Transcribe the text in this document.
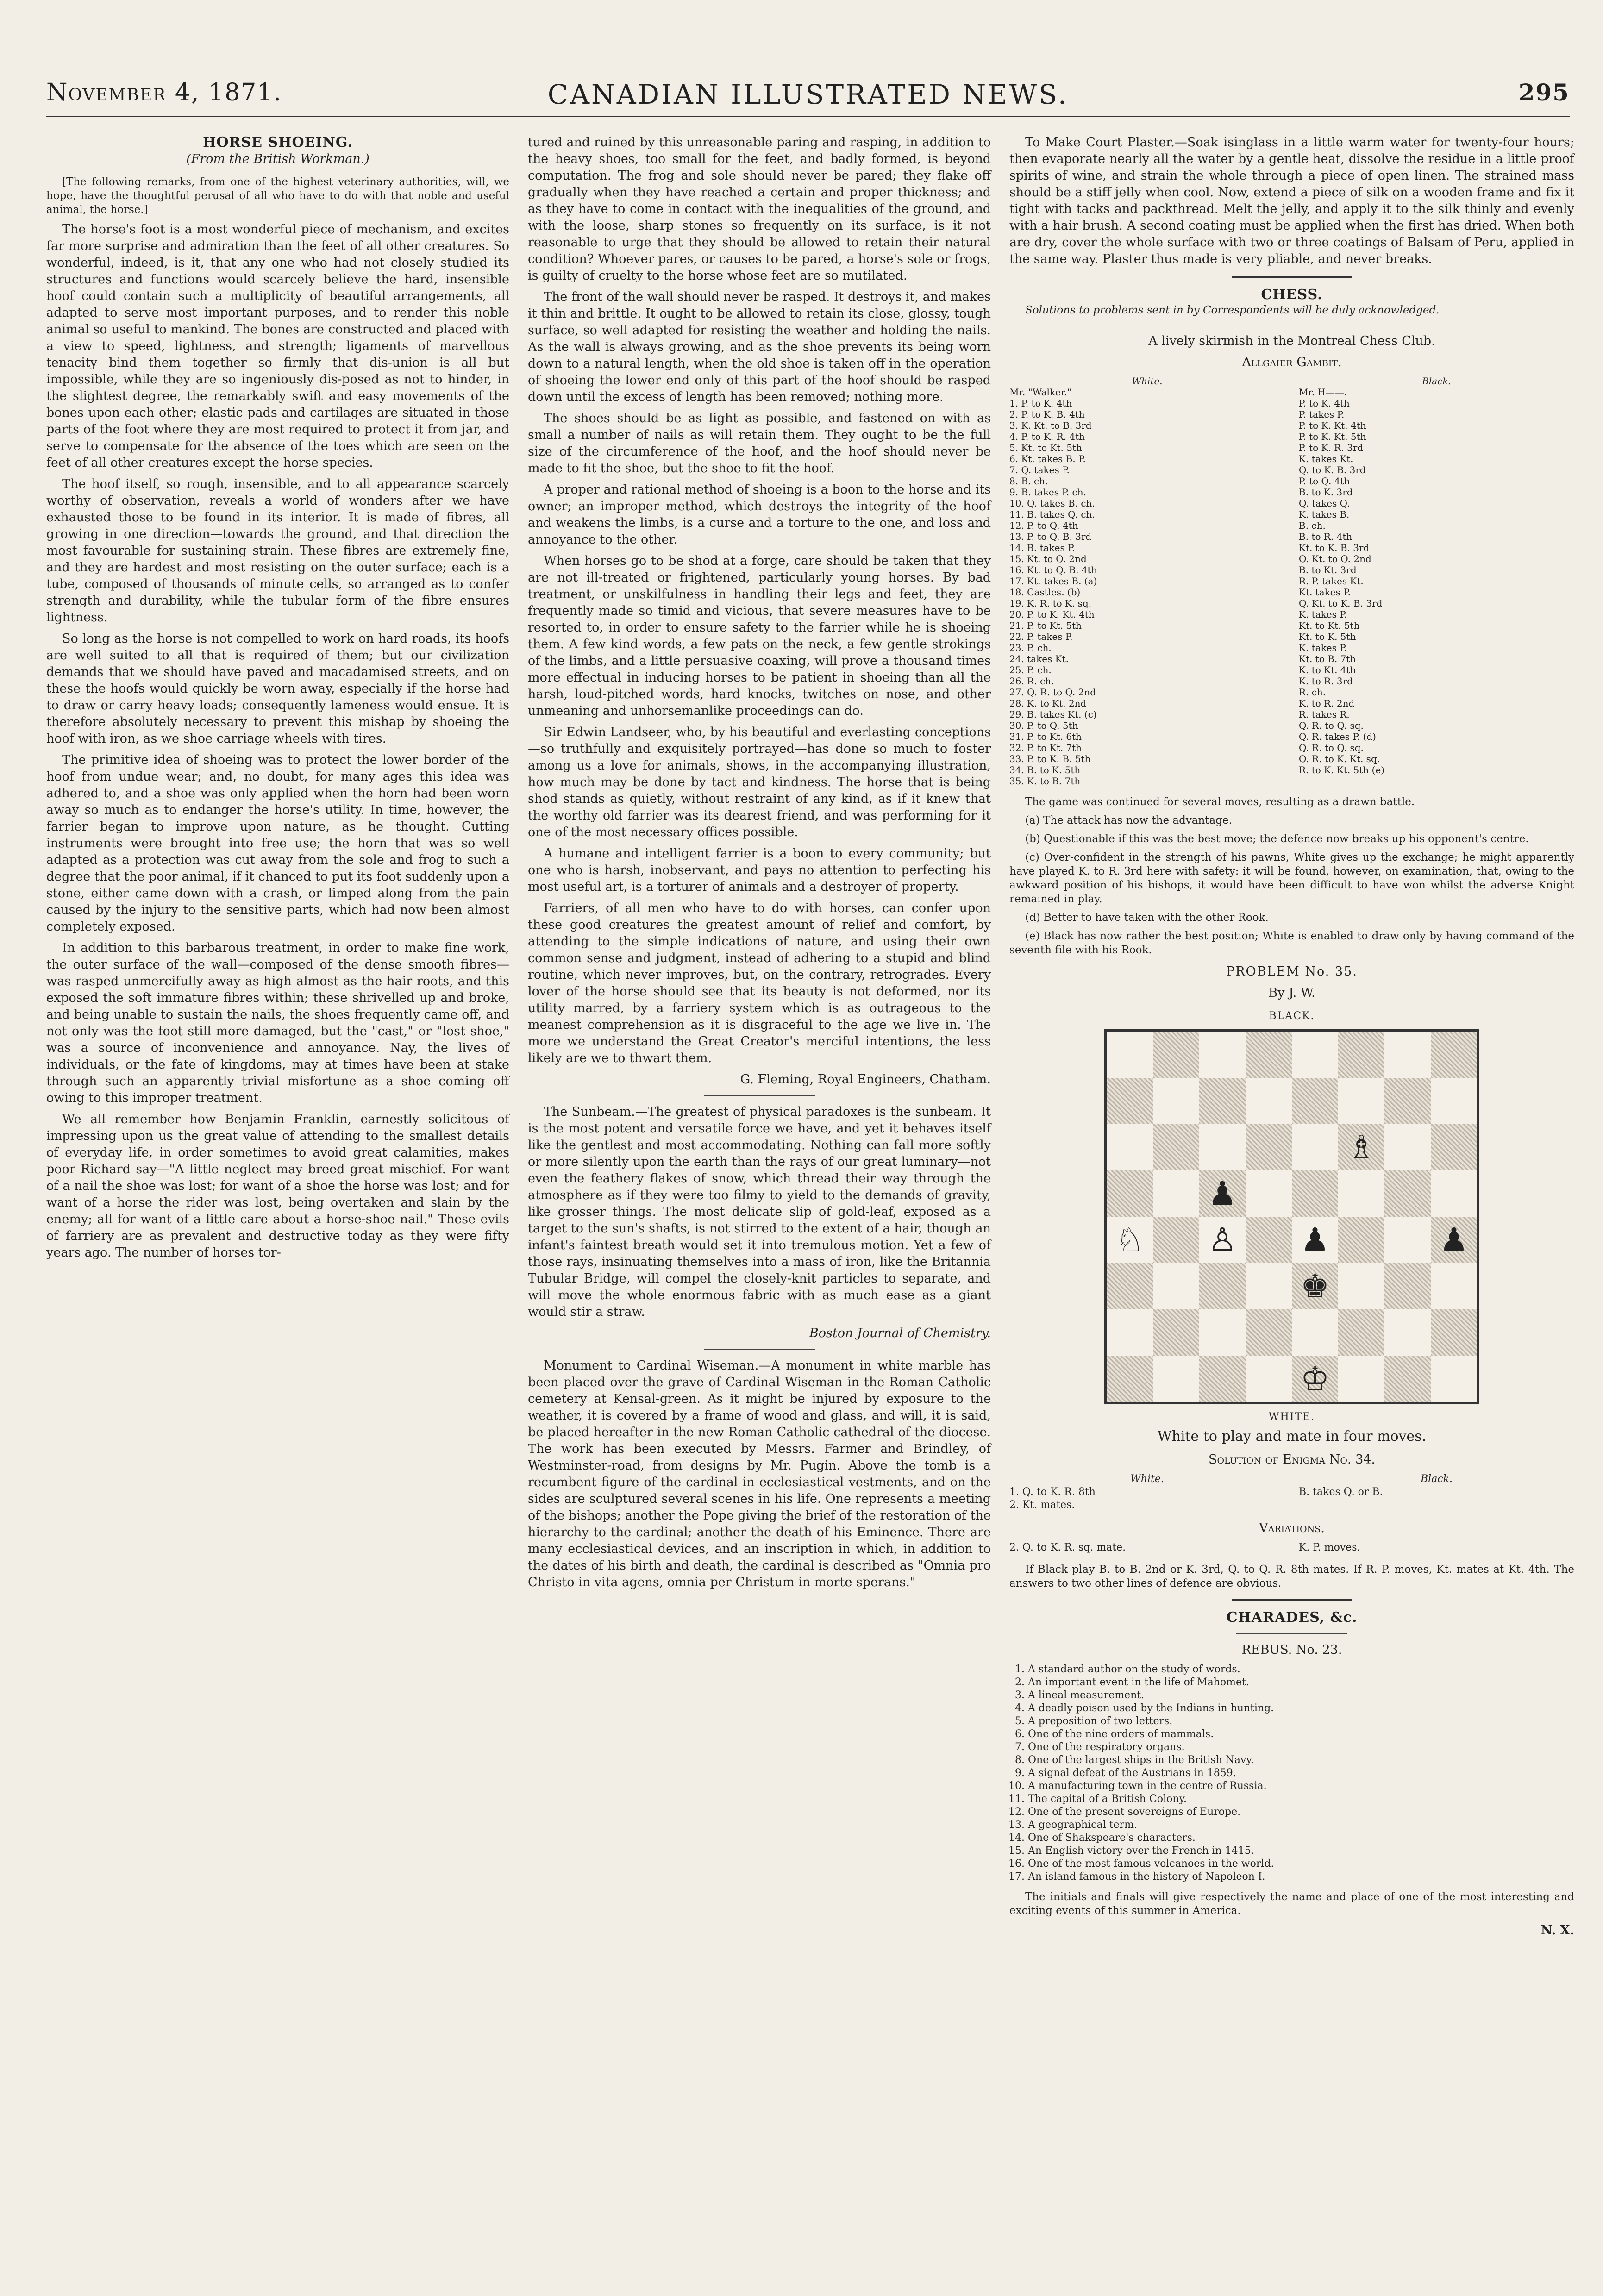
November 4, 1871.	CANADIAN ILLUSTRATED NEWS.	295
HORSE SHOEING.
(From the British Workman.)

[The following remarks, from one of the highest veterinary authorities, will, we hope, have the thoughtful perusal of all who have to do with that noble and useful animal, the horse.]

The horse's foot is a most wonderful piece of mechanism, and excites far more surprise and admiration than the feet of all other creatures. So wonderful, indeed, is it, that any one who had not closely studied its structures and functions would scarcely believe the hard, insensible hoof could contain such a multiplicity of beautiful arrangements, all adapted to serve most important purposes, and to render this noble animal so useful to mankind. The bones are constructed and placed with a view to speed, lightness, and strength; ligaments of marvellous tenacity bind them together so firmly that dis-union is all but impossible, while they are so ingeniously dis-posed as not to hinder, in the slightest degree, the remarkably swift and easy movements of the bones upon each other; elastic pads and cartilages are situated in those parts of the foot where they are most required to protect it from jar, and serve to compensate for the absence of the toes which are seen on the feet of all other creatures except the horse species.

The hoof itself, so rough, insensible, and to all appearance scarcely worthy of observation, reveals a world of wonders after we have exhausted those to be found in its interior. It is made of fibres, all growing in one direction—towards the ground, and that direction the most favourable for sustaining strain. These fibres are extremely fine, and they are hardest and most resisting on the outer surface; each is a tube, composed of thousands of minute cells, so arranged as to confer strength and durability, while the tubular form of the fibre ensures lightness.

So long as the horse is not compelled to work on hard roads, its hoofs are well suited to all that is required of them; but our civilization demands that we should have paved and macadamised streets, and on these the hoofs would quickly be worn away, especially if the horse had to draw or carry heavy loads; consequently lameness would ensue. It is therefore absolutely necessary to prevent this mishap by shoeing the hoof with iron, as we shoe carriage wheels with tires.

The primitive idea of shoeing was to protect the lower border of the hoof from undue wear; and, no doubt, for many ages this idea was adhered to, and a shoe was only applied when the horn had been worn away so much as to endanger the horse's utility. In time, however, the farrier began to improve upon nature, as he thought. Cutting instruments were brought into free use; the horn that was so well adapted as a protection was cut away from the sole and frog to such a degree that the poor animal, if it chanced to put its foot suddenly upon a stone, either came down with a crash, or limped along from the pain caused by the injury to the sensitive parts, which had now been almost completely exposed.

In addition to this barbarous treatment, in order to make fine work, the outer surface of the wall—composed of the dense smooth fibres—was rasped unmercifully away as high almost as the hair roots, and this exposed the soft immature fibres within; these shrivelled up and broke, and being unable to sustain the nails, the shoes frequently came off, and not only was the foot still more damaged, but the "cast," or "lost shoe," was a source of inconvenience and annoyance. Nay, the lives of individuals, or the fate of kingdoms, may at times have been at stake through such an apparently trivial misfortune as a shoe coming off owing to this improper treatment.

We all remember how Benjamin Franklin, earnestly solicitous of impressing upon us the great value of attending to the smallest details of everyday life, in order sometimes to avoid great calamities, makes poor Richard say—"A little neglect may breed great mischief. For want of a nail the shoe was lost; for want of a shoe the horse was lost; and for want of a horse the rider was lost, being overtaken and slain by the enemy; all for want of a little care about a horse-shoe nail." These evils of farriery are as prevalent and destructive today as they were fifty years ago. The number of horses tor-

tured and ruined by this unreasonable paring and rasping, in addition to the heavy shoes, too small for the feet, and badly formed, is beyond computation. The frog and sole should never be pared; they flake off gradually when they have reached a certain and proper thickness; and as they have to come in contact with the inequalities of the ground, and with the loose, sharp stones so frequently on its surface, is it not reasonable to urge that they should be allowed to retain their natural condition? Whoever pares, or causes to be pared, a horse's sole or frogs, is guilty of cruelty to the horse whose feet are so mutilated.

The front of the wall should never be rasped. It destroys it, and makes it thin and brittle. It ought to be allowed to retain its close, glossy, tough surface, so well adapted for resisting the weather and holding the nails. As the wall is always growing, and as the shoe prevents its being worn down to a natural length, when the old shoe is taken off in the operation of shoeing the lower end only of this part of the hoof should be rasped down until the excess of length has been removed; nothing more.

The shoes should be as light as possible, and fastened on with as small a number of nails as will retain them. They ought to be the full size of the circumference of the hoof, and the hoof should never be made to fit the shoe, but the shoe to fit the hoof.

A proper and rational method of shoeing is a boon to the horse and its owner; an improper method, which destroys the integrity of the hoof and weakens the limbs, is a curse and a torture to the one, and loss and annoyance to the other.

When horses go to be shod at a forge, care should be taken that they are not ill-treated or frightened, particularly young horses. By bad treatment, or unskilfulness in handling their legs and feet, they are frequently made so timid and vicious, that severe measures have to be resorted to, in order to ensure safety to the farrier while he is shoeing them. A few kind words, a few pats on the neck, a few gentle strokings of the limbs, and a little persuasive coaxing, will prove a thousand times more effectual in inducing horses to be patient in shoeing than all the harsh, loud-pitched words, hard knocks, twitches on nose, and other unmeaning and unhorsemanlike proceedings can do.

Sir Edwin Landseer, who, by his beautiful and everlasting conceptions—so truthfully and exquisitely portrayed—has done so much to foster among us a love for animals, shows, in the accompanying illustration, how much may be done by tact and kindness. The horse that is being shod stands as quietly, without restraint of any kind, as if it knew that the worthy old farrier was its dearest friend, and was performing for it one of the most necessary offices possible.

A humane and intelligent farrier is a boon to every community; but one who is harsh, inobservant, and pays no attention to perfecting his most useful art, is a torturer of animals and a destroyer of property.

Farriers, of all men who have to do with horses, can confer upon these good creatures the greatest amount of relief and comfort, by attending to the simple indications of nature, and using their own common sense and judgment, instead of adhering to a stupid and blind routine, which never improves, but, on the contrary, retrogrades. Every lover of the horse should see that its beauty is not deformed, nor its utility marred, by a farriery system which is as outrageous to the meanest comprehension as it is disgraceful to the age we live in. The more we understand the Great Creator's merciful intentions, the less likely are we to thwart them.

G. Fleming, Royal Engineers, Chatham.

The Sunbeam.—The greatest of physical paradoxes is the sunbeam. It is the most potent and versatile force we have, and yet it behaves itself like the gentlest and most accommodating. Nothing can fall more softly or more silently upon the earth than the rays of our great luminary—not even the feathery flakes of snow, which thread their way through the atmosphere as if they were too filmy to yield to the demands of gravity, like grosser things. The most delicate slip of gold-leaf, exposed as a target to the sun's shafts, is not stirred to the extent of a hair, though an infant's faintest breath would set it into tremulous motion. Yet a few of those rays, insinuating themselves into a mass of iron, like the Britannia Tubular Bridge, will compel the closely-knit particles to separate, and will move the whole enormous fabric with as much ease as a giant would stir a straw.

Boston Journal of Chemistry.

Monument to Cardinal Wiseman.—A monument in white marble has been placed over the grave of Cardinal Wiseman in the Roman Catholic cemetery at Kensal-green. As it might be injured by exposure to the weather, it is covered by a frame of wood and glass, and will, it is said, be placed hereafter in the new Roman Catholic cathedral of the diocese. The work has been executed by Messrs. Farmer and Brindley, of Westminster-road, from designs by Mr. Pugin. Above the tomb is a recumbent figure of the cardinal in ecclesiastical vestments, and on the sides are sculptured several scenes in his life. One represents a meeting of the bishops; another the Pope giving the brief of the restoration of the hierarchy to the cardinal; another the death of his Eminence. There are many ecclesiastical devices, and an inscription in which, in addition to the dates of his birth and death, the cardinal is described as "Omnia pro Christo in vita agens, omnia per Christum in morte sperans."

To Make Court Plaster.—Soak isinglass in a little warm water for twenty-four hours; then evaporate nearly all the water by a gentle heat, dissolve the residue in a little proof spirits of wine, and strain the whole through a piece of open linen. The strained mass should be a stiff jelly when cool. Now, extend a piece of silk on a wooden frame and fix it tight with tacks and packthread. Melt the jelly, and apply it to the silk thinly and evenly with a hair brush. A second coating must be applied when the first has dried. When both are dry, cover the whole surface with two or three coatings of Balsam of Peru, applied in the same way. Plaster thus made is very pliable, and never breaks.

CHESS.

Solutions to problems sent in by Correspondents will be duly acknowledged.

A lively skirmish in the Montreal Chess Club.

Allgaier Gambit.

White.	Black.
Mr. "Walker."	Mr. H——.
1. P. to K. 4th	P. to K. 4th
2. P. to K. B. 4th	P. takes P.
3. K. Kt. to B. 3rd	P. to K. Kt. 4th
4. P. to K. R. 4th	P. to K. Kt. 5th
5. Kt. to Kt. 5th	P. to K. R. 3rd
6. Kt. takes B. P.	K. takes Kt.
7. Q. takes P.	Q. to K. B. 3rd
8. B. ch.	P. to Q. 4th
9. B. takes P. ch.	B. to K. 3rd
10. Q. takes B. ch.	Q. takes Q.
11. B. takes Q. ch.	K. takes B.
12. P. to Q. 4th	B. ch.
13. P. to Q. B. 3rd	B. to R. 4th
14. B. takes P.	Kt. to K. B. 3rd
15. Kt. to Q. 2nd	Q. Kt. to Q. 2nd
16. Kt. to Q. B. 4th	B. to Kt. 3rd
17. Kt. takes B. (a)	R. P. takes Kt.
18. Castles. (b)	Kt. takes P.
19. K. R. to K. sq.	Q. Kt. to K. B. 3rd
20. P. to K. Kt. 4th	K. takes P.
21. P. to Kt. 5th	Kt. to Kt. 5th
22. P. takes P.	Kt. to K. 5th
23. P. ch.	K. takes P.
24. takes Kt.	Kt. to B. 7th
25. P. ch.	K. to Kt. 4th
26. R. ch.	K. to R. 3rd
27. Q. R. to Q. 2nd	R. ch.
28. K. to Kt. 2nd	K. to R. 2nd
29. B. takes Kt. (c)	R. takes R.
30. P. to Q. 5th	Q. R. to Q. sq.
31. P. to Kt. 6th	Q. R. takes P. (d)
32. P. to Kt. 7th	Q. R. to Q. sq.
33. P. to K. B. 5th	Q. R. to K. Kt. sq.
34. B. to K. 5th	R. to K. Kt. 5th (e)
35. K. to B. 7th

The game was continued for several moves, resulting as a drawn battle.

(a) The attack has now the advantage.

(b) Questionable if this was the best move; the defence now breaks up his opponent's centre.

(c) Over-confident in the strength of his pawns, White gives up the exchange; he might apparently have played K. to R. 3rd here with safety: it will be found, however, on examination, that, owing to the awkward position of his bishops, it would have been difficult to have won whilst the adverse Knight remained in play.

(d) Better to have taken with the other Rook.

(e) Black has now rather the best position; White is enabled to draw only by having command of the seventh file with his Rook.

PROBLEM No. 35.

By J. W.

BLACK.
♗
♟
♘ ♙ ♟	♟
♚
♔
WHITE.
White to play and mate in four moves.

Solution of Enigma No. 34.

White.	Black.
1. Q. to K. R. 8th	B. takes Q. or B.
2. Kt. mates.

Variations.

2. Q. to K. R. sq. mate.	K. P. moves.

If Black play B. to B. 2nd or K. 3rd, Q. to Q. R. 8th mates. If R. P. moves, Kt. mates at Kt. 4th. The answers to two other lines of defence are obvious.

CHARADES, &c.

REBUS. No. 23.

1. A standard author on the study of words.
2. An important event in the life of Mahomet.
3. A lineal measurement.
4. A deadly poison used by the Indians in hunting.
5. A preposition of two letters.
6. One of the nine orders of mammals.
7. One of the respiratory organs.
8. One of the largest ships in the British Navy.
9. A signal defeat of the Austrians in 1859.
10. A manufacturing town in the centre of Russia.
11. The capital of a British Colony.
12. One of the present sovereigns of Europe.
13. A geographical term.
14. One of Shakspeare's characters.
15. An English victory over the French in 1415.
16. One of the most famous volcanoes in the world.
17. An island famous in the history of Napoleon I.

The initials and finals will give respectively the name and place of one of the most interesting and exciting events of this summer in America.

N. X.
